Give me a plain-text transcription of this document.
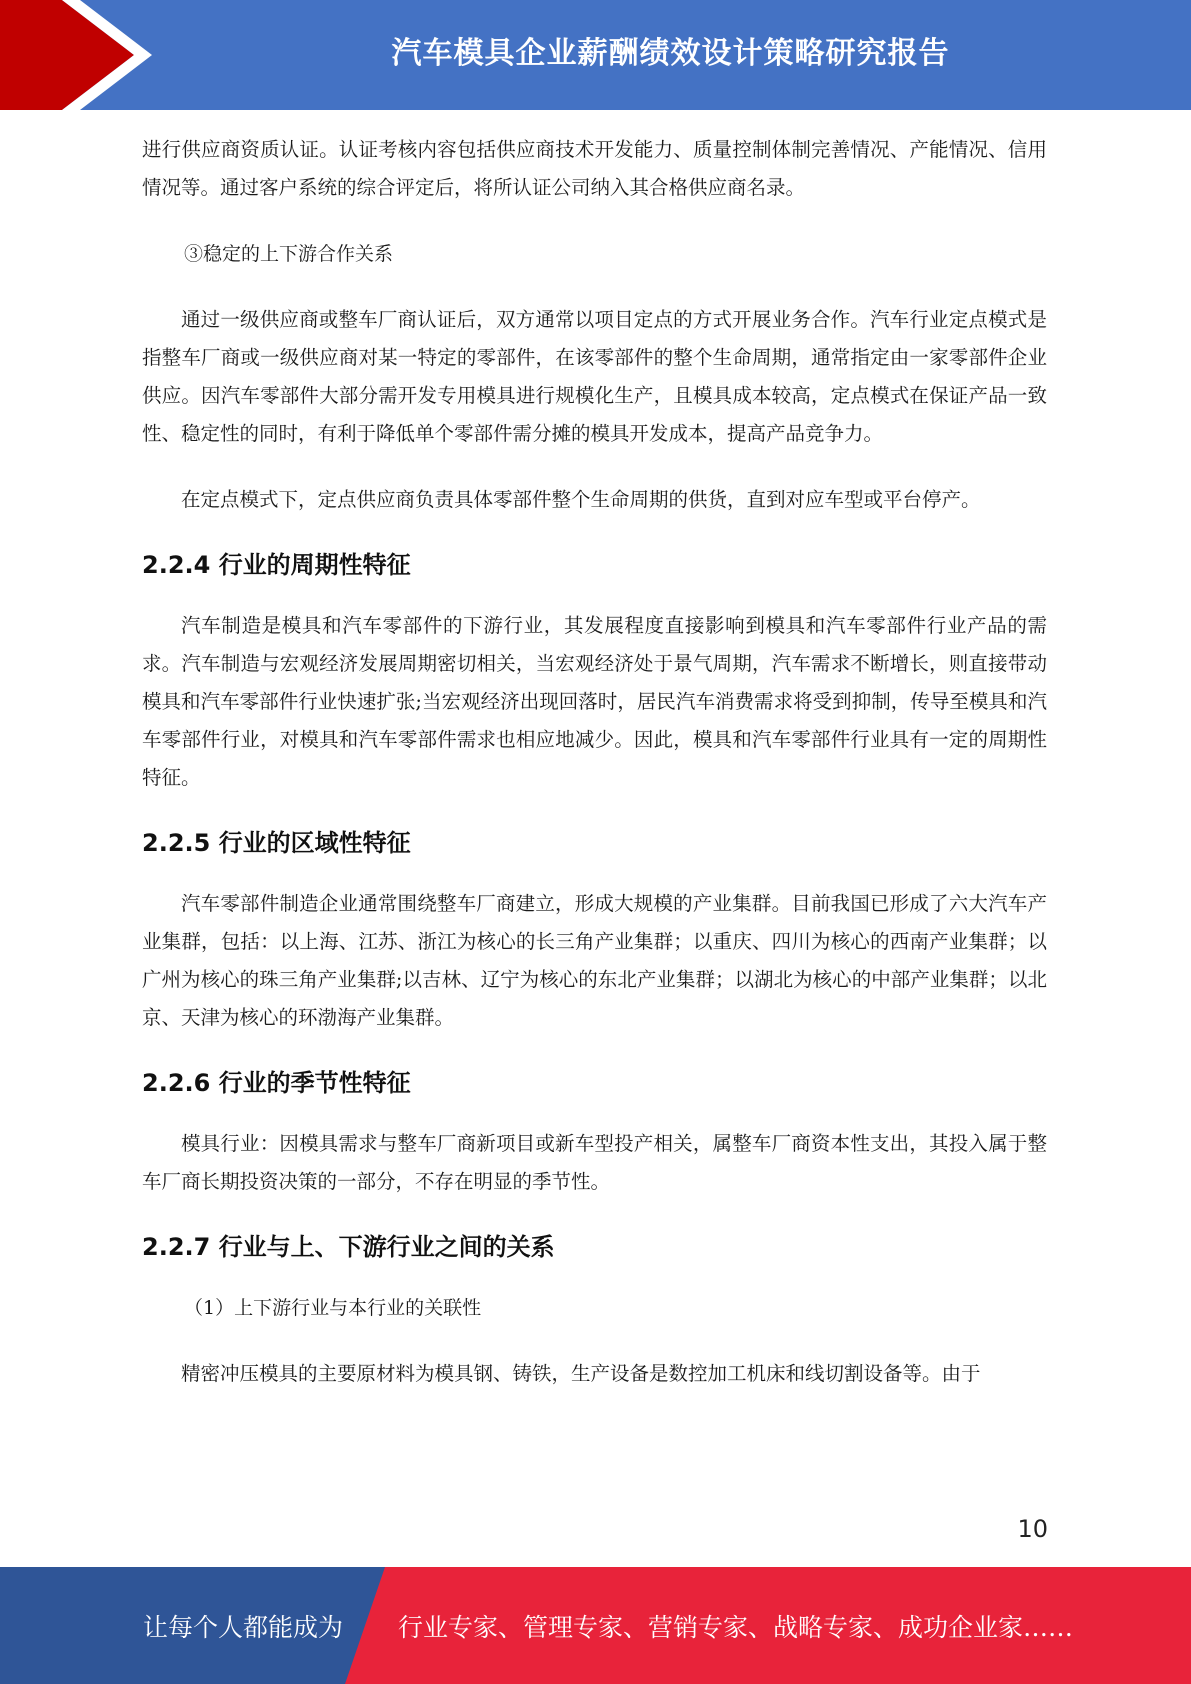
汽车模具企业薪酬绩效设计策略研究报告

进行供应商资质认证。认证考核内容包括供应商技术开发能力、质量控制体制完善情况、产能情况、信用情况等。通过客户系统的综合评定后，将所认证公司纳入其合格供应商名录。

③稳定的上下游合作关系

通过一级供应商或整车厂商认证后，双方通常以项目定点的方式开展业务合作。汽车行业定点模式是指整车厂商或一级供应商对某一特定的零部件，在该零部件的整个生命周期，通常指定由一家零部件企业供应。因汽车零部件大部分需开发专用模具进行规模化生产，且模具成本较高，定点模式在保证产品一致性、稳定性的同时，有利于降低单个零部件需分摊的模具开发成本，提高产品竞争力。

在定点模式下，定点供应商负责具体零部件整个生命周期的供货，直到对应车型或平台停产。

2.2.4 行业的周期性特征

汽车制造是模具和汽车零部件的下游行业，其发展程度直接影响到模具和汽车零部件行业产品的需求。汽车制造与宏观经济发展周期密切相关，当宏观经济处于景气周期，汽车需求不断增长，则直接带动模具和汽车零部件行业快速扩张;当宏观经济出现回落时，居民汽车消费需求将受到抑制，传导至模具和汽车零部件行业，对模具和汽车零部件需求也相应地减少。因此，模具和汽车零部件行业具有一定的周期性特征。

2.2.5 行业的区域性特征

汽车零部件制造企业通常围绕整车厂商建立，形成大规模的产业集群。目前我国已形成了六大汽车产业集群，包括：以上海、江苏、浙江为核心的长三角产业集群；以重庆、四川为核心的西南产业集群；以广州为核心的珠三角产业集群;以吉林、辽宁为核心的东北产业集群；以湖北为核心的中部产业集群；以北京、天津为核心的环渤海产业集群。

2.2.6 行业的季节性特征

模具行业：因模具需求与整车厂商新项目或新车型投产相关，属整车厂商资本性支出，其投入属于整车厂商长期投资决策的一部分，不存在明显的季节性。

2.2.7 行业与上、下游行业之间的关系

（1）上下游行业与本行业的关联性

精密冲压模具的主要原材料为模具钢、铸铁，生产设备是数控加工机床和线切割设备等。由于

10
让每个人都能成为 行业专家、管理专家、营销专家、战略专家、成功企业家……
